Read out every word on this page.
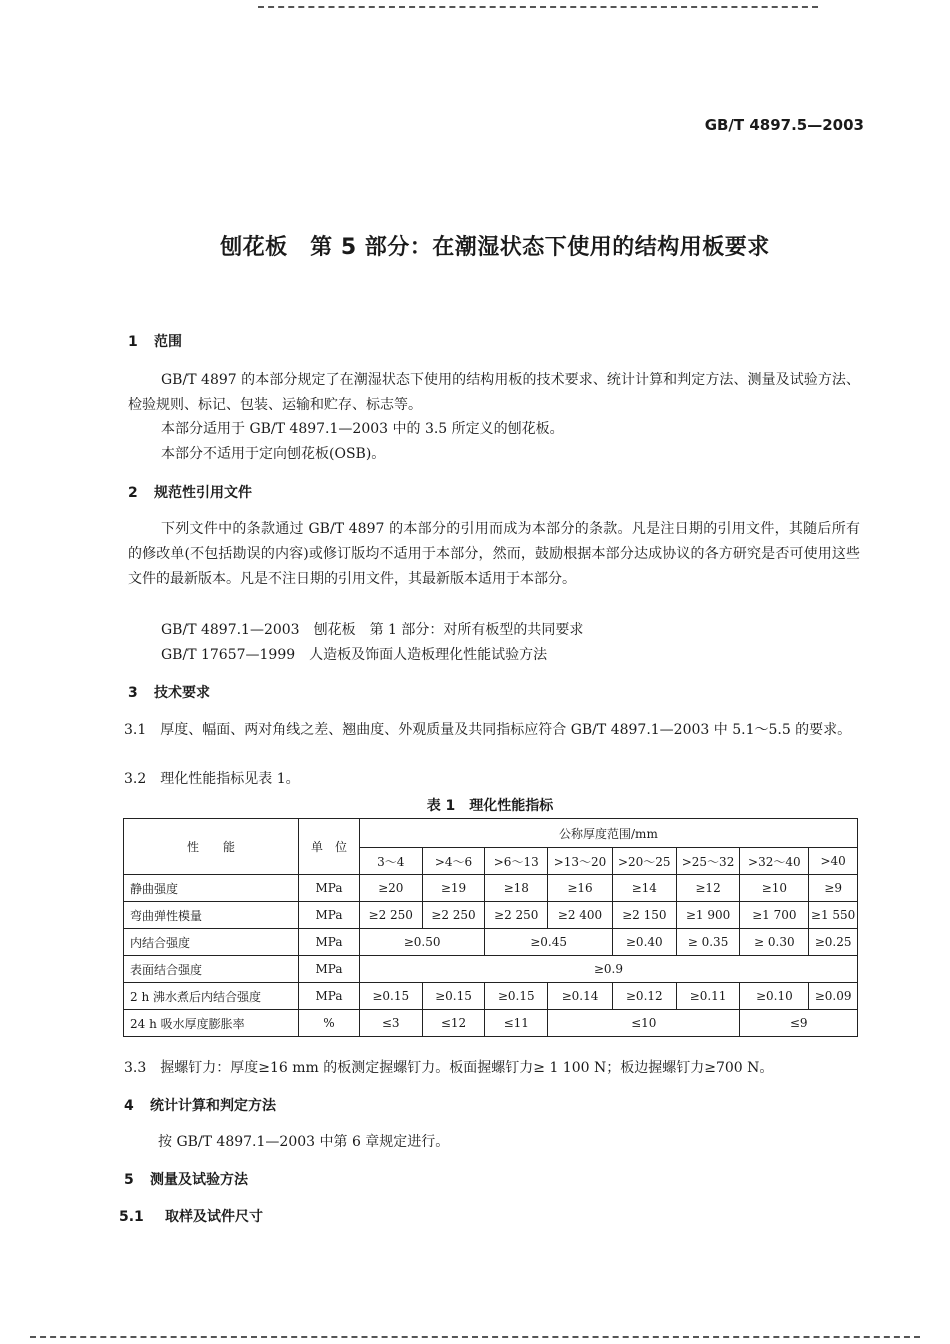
GB/T 4897.5—2003
刨花板　第 5 部分：在潮湿状态下使用的结构用板要求
1 范围
GB/T 4897 的本部分规定了在潮湿状态下使用的结构用板的技术要求、统计计算和判定方法、测量及试验方法、检验规则、标记、包装、运输和贮存、标志等。
本部分适用于 GB/T 4897.1—2003 中的 3.5 所定义的刨花板。
本部分不适用于定向刨花板(OSB)。
2 规范性引用文件
下列文件中的条款通过 GB/T 4897 的本部分的引用而成为本部分的条款。凡是注日期的引用文件，其随后所有的修改单(不包括勘误的内容)或修订版均不适用于本部分，然而，鼓励根据本部分达成协议的各方研究是否可使用这些文件的最新版本。凡是不注日期的引用文件，其最新版本适用于本部分。
GB/T 4897.1—2003　刨花板　第 1 部分：对所有板型的共同要求
GB/T 17657—1999　人造板及饰面人造板理化性能试验方法
3 技术要求
3.1　厚度、幅面、两对角线之差、翘曲度、外观质量及共同指标应符合 GB/T 4897.1—2003 中 5.1～5.5 的要求。
3.2　理化性能指标见表 1。
表 1　理化性能指标
性　　能	单　位	公称厚度范围/mm							
		3～4	>4～6	>6～13	>13～20	>20～25	>25～32	>32～40	>40
静曲强度	MPa	≥20	≥19	≥18	≥16	≥14	≥12	≥10	≥9
弯曲弹性模量	MPa	≥2 250	≥2 250	≥2 250	≥2 400	≥2 150	≥1 900	≥1 700	≥1 550
内结合强度	MPa	≥0.50		≥0.45		≥0.40	≥ 0.35	≥ 0.30	≥0.25
表面结合强度	MPa	≥0.9							
2 h 沸水煮后内结合强度	MPa	≥0.15	≥0.15	≥0.15	≥0.14	≥0.12	≥0.11	≥0.10	≥0.09
24 h 吸水厚度膨胀率	%	≤3	≤12	≤11	≤10			≤9	
3.3　握螺钉力：厚度≥16 mm 的板测定握螺钉力。板面握螺钉力≥ 1 100 N；板边握螺钉力≥700 N。
4 统计计算和判定方法
按 GB/T 4897.1—2003 中第 6 章规定进行。
5 测量及试验方法
5.1 取样及试件尺寸
